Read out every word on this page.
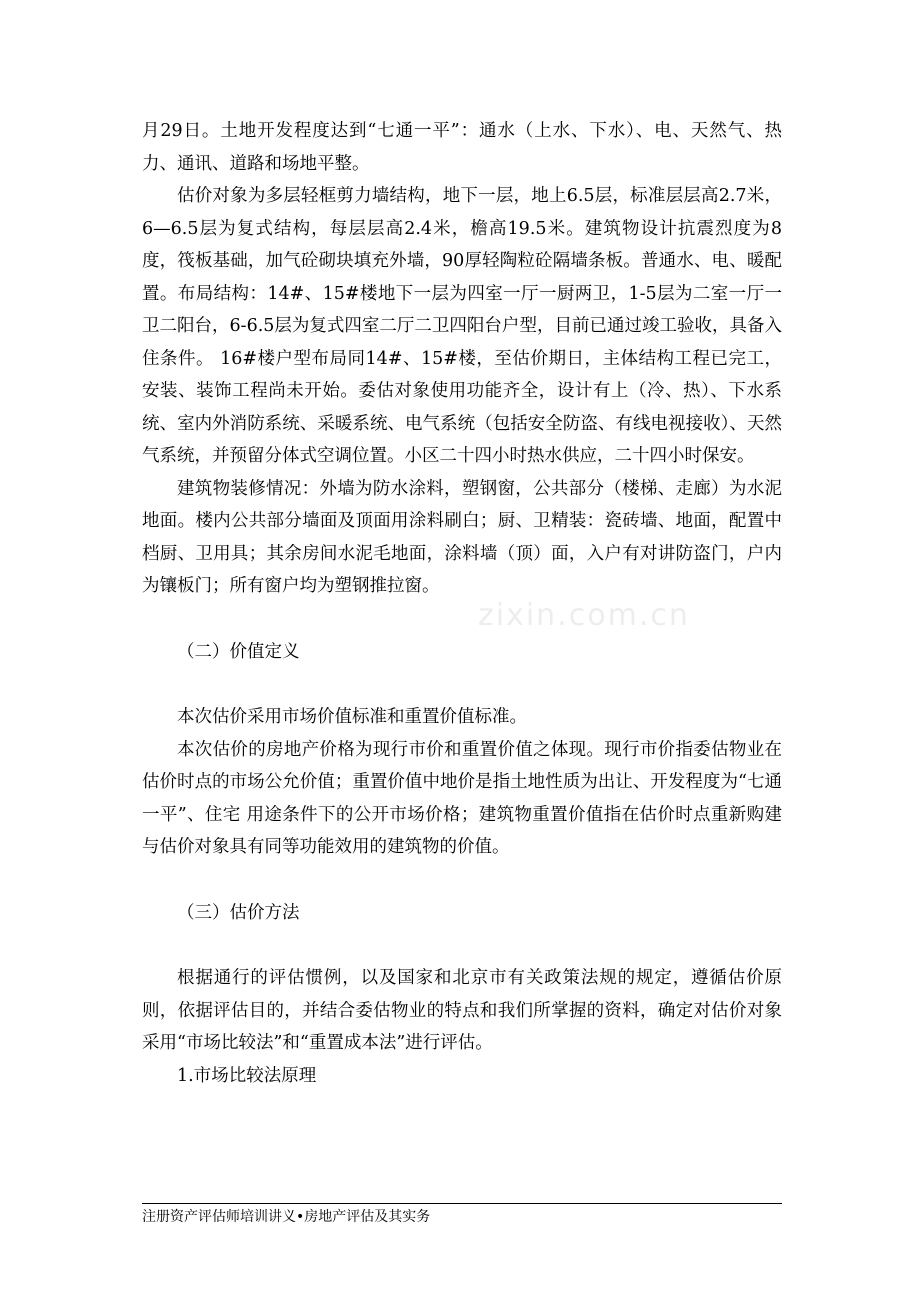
月29日。土地开发程度达到“七通一平”：通水（上水、下水）、电、天然气、热力、通讯、道路和场地平整。

估价对象为多层轻框剪力墙结构，地下一层，地上6.5层，标准层层高2.7米，6—6.5层为复式结构，每层层高2.4米，檐高19.5米。建筑物设计抗震烈度为8度，筏板基础，加气砼砌块填充外墙，90厚轻陶粒砼隔墙条板。普通水、电、暖配置。布局结构：14#、15#楼地下一层为四室一厅一厨两卫，1-5层为二室一厅一卫二阳台，6-6.5层为复式四室二厅二卫四阳台户型，目前已通过竣工验收，具备入住条件。 16#楼户型布局同14#、15#楼，至估价期日，主体结构工程已完工，安装、装饰工程尚未开始。委估对象使用功能齐全，设计有上（冷、热）、下水系统、室内外消防系统、采暖系统、电气系统（包括安全防盗、有线电视接收）、天然气系统，并预留分体式空调位置。小区二十四小时热水供应，二十四小时保安。

建筑物装修情况：外墙为防水涂料，塑钢窗，公共部分（楼梯、走廊）为水泥地面。楼内公共部分墙面及顶面用涂料刷白；厨、卫精装：瓷砖墙、地面，配置中档厨、卫用具；其余房间水泥毛地面，涂料墙（顶）面，入户有对讲防盗门，户内为镶板门；所有窗户均为塑钢推拉窗。

（二）价值定义

本次估价采用市场价值标准和重置价值标准。

本次估价的房地产价格为现行市价和重置价值之体现。现行市价指委估物业在估价时点的市场公允价值；重置价值中地价是指土地性质为出让、开发程度为“七通一平”、住宅 用途条件下的公开市场价格；建筑物重置价值指在估价时点重新购建与估价对象具有同等功能效用的建筑物的价值。

（三）估价方法

根据通行的评估惯例，以及国家和北京市有关政策法规的规定，遵循估价原则，依据评估目的，并结合委估物业的特点和我们所掌握的资料，确定对估价对象采用“市场比较法”和“重置成本法”进行评估。

1.市场比较法原理

zixin.com.cn
注册资产评估师培训讲义•房地产评估及其实务
